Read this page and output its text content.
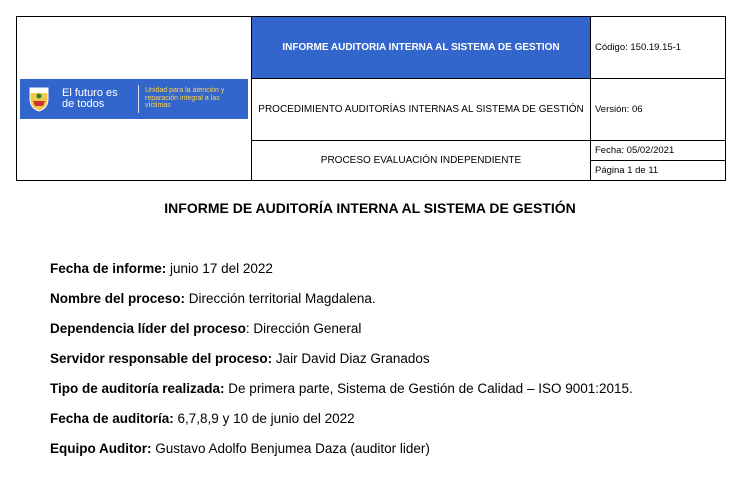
El futuro es de todos
Unidad para la atención y reparación integral a las víctimas	INFORME AUDITORIA INTERNA AL SISTEMA DE GESTION	Código: 150.19.15-1
	PROCEDIMIENTO AUDITORÍAS INTERNAS AL SISTEMA DE GESTIÓN	Versión: 06
	PROCESO EVALUACIÓN INDEPENDIENTE	Fecha: 05/02/2021
		Página 1 de 11
INFORME DE AUDITORÍA INTERNA AL SISTEMA DE GESTIÓN

Fecha de informe: junio 17 del 2022

Nombre del proceso: Dirección territorial Magdalena.

Dependencia líder del proceso: Dirección General

Servidor responsable del proceso: Jair David Diaz Granados

Tipo de auditoría realizada: De primera parte, Sistema de Gestión de Calidad – ISO 9001:2015.

Fecha de auditoría: 6,7,8,9 y 10 de junio del 2022

Equipo Auditor: Gustavo Adolfo Benjumea Daza (auditor lider)
